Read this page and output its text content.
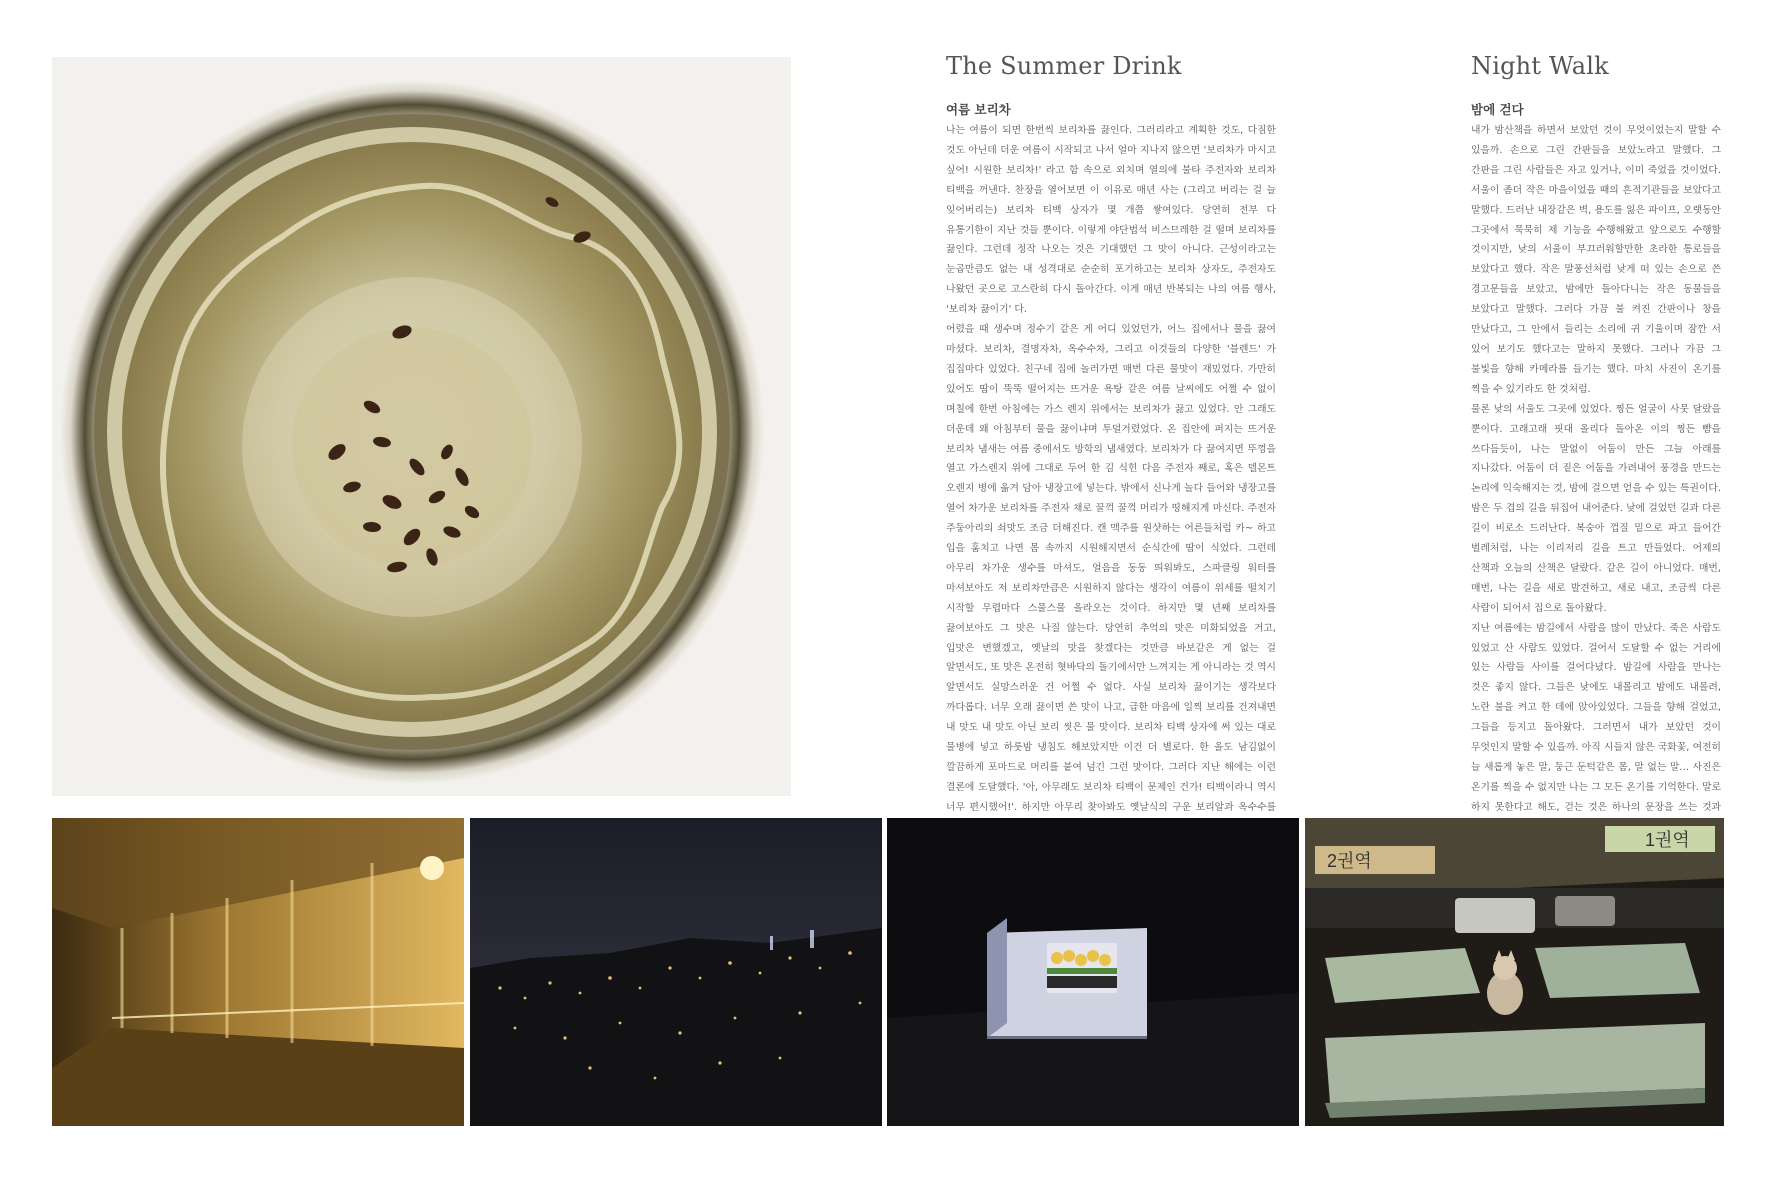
The Summer Drink
여름 보리차

나는 여름이 되면 한번씩 보리차를 끓인다. 그러리라고 계획한 것도, 다짐한 것도 아닌데 더운 여름이 시작되고 나서 얼마 지나지 않으면 '보리차가 마시고 싶어! 시원한 보리차!' 라고 함 속으로 외치며 열의에 불타 주전자와 보리차 티백을 꺼낸다. 찬장을 열어보면 이 이유로 매년 사는 (그리고 버리는 걸 늘 잊어버리는) 보리차 티백 상자가 몇 개쯤 쌓여있다. 당연히 전부 다 유통기한이 지난 것들 뿐이다. 이렇게 야단법석 비스므레한 걸 떨며 보리차를 끓인다. 그런데 정작 나오는 것은 기대했던 그 맛이 아니다. 근성이라고는 눈곱만큼도 없는 내 성격대로 순순히 포기하고는 보리차 상자도, 주전자도 나왔던 곳으로 고스란히 다시 돌아간다. 이게 매년 반복되는 나의 여름 행사, '보리차 끓이기' 다.

어렸을 때 생수며 정수기 같은 게 어디 있었던가, 어느 집에서나 물을 끓여 마셨다. 보리차, 결명자차, 옥수수차, 그리고 이것들의 다양한 '블렌드' 가 집집마다 있었다. 친구네 집에 놀러가면 매번 다른 물맛이 재밌었다. 가만히 있어도 땀이 뚝뚝 떨어지는 뜨거운 욕탕 같은 여름 날씨에도 어쩔 수 없이 며칠에 한번 아침에는 가스 렌지 위에서는 보리차가 끓고 있었다. 안 그래도 더운데 왜 아침부터 물을 끓이냐며 투덜거렸었다. 온 집안에 퍼지는 뜨거운 보리차 냄새는 여름 중에서도 방학의 냄새였다. 보리차가 다 끓여지면 뚜껑을 열고 가스렌지 위에 그대로 두어 한 김 식힌 다음 주전자 째로, 혹은 델몬트 오렌지 병에 옮겨 담아 냉장고에 넣는다. 밖에서 신나게 놀다 들어와 냉장고를 열어 차가운 보리차를 주전자 채로 꿀꺽 꿀꺽 머리가 띵해지게 마신다. 주전자 주둥아리의 쇠맛도 조금 더해진다. 캔 맥주를 원샷하는 어른들처럼 카~ 하고 입을 훔치고 나면 몸 속까지 시원해지면서 순식간에 땀이 식었다. 그런데 아무리 차가운 생수를 마셔도, 얼음을 동동 띄워봐도, 스파클링 워터를 마셔보아도 저 보리차만큼은 시원하지 않다는 생각이 여름이 위세를 떨치기 시작할 무렵마다 스물스물 올라오는 것이다. 하지만 몇 년째 보리차를 끓여보아도 그 맛은 나질 않는다. 당연히 추억의 맛은 미화되었을 거고, 입맛은 변했겠고, 옛날의 맛을 찾겠다는 것만큼 바보같은 게 없는 걸 알면서도, 또 맛은 온전히 혓바닥의 돌기에서만 느껴지는 게 아니라는 것 역시 알면서도 실망스러운 건 어쩔 수 없다. 사실 보리차 끓이기는 생각보다 까다롭다. 너무 오래 끓이면 쓴 맛이 나고, 급한 마음에 일찍 보리를 건져내면 내 맛도 내 맛도 아닌 보리 씻은 물 맛이다. 보리차 티백 상자에 써 있는 대로 물병에 넣고 하룻밤 냉침도 해보았지만 이건 더 별로다. 한 올도 남김없이 깔끔하게 포마드로 머리를 붙여 넘긴 그런 맛이다. 그러다 지난 해에는 이런 결론에 도달했다. '아, 아무래도 보리차 티백이 문제인 건가! 티백이라니 역시 너무 편시했어!'. 하지만 아무리 찾아봐도 옛날식의 구운 보리알과 옥수수를

Night Walk
밤에 걷다

내가 밤산책을 하면서 보았던 것이 무엇이었는지 말할 수 있을까. 손으로 그린 간판들을 보았노라고 말했다. 그 간판을 그린 사람들은 자고 있거나, 이미 죽었을 것이었다. 서울이 좀더 작은 마을이었을 때의 흔적기관들을 보았다고 말했다. 드러난 내장같은 벽, 용도를 잃은 파이프, 오랫동안 그곳에서 묵묵히 제 기능을 수행해왔고 앞으로도 수행할 것이지만, 낮의 서울이 부끄러워할만한 초라한 통로들을 보았다고 했다. 작은 말풍선처럼 낮게 떠 있는 손으로 쓴 경고문들을 보았고, 밤에만 돌아다니는 작은 동물들을 보았다고 말했다. 그러다 가끔 불 켜진 간판이나 창을 만났다고, 그 안에서 들리는 소리에 귀 기울이며 잠깐 서 있어 보기도 했다고는 말하지 못했다. 그러나 가끔 그 불빛을 향해 카메라를 들기는 했다. 마치 사진이 온기를 찍을 수 있기라도 한 것처럼.

물론 낮의 서울도 그곳에 있었다. 찡든 얼굴이 사뭇 달랐을 뿐이다. 고래고래 핏대 올리다 돌아온 이의 찡든 뺨을 쓰다듬듯이, 나는 말없이 어둠이 만든 그늘 아래를 지나갔다. 어둠이 더 짙은 어둠을 가려내어 풍경을 만드는 논리에 익숙해지는 것, 밤에 걸으면 얻을 수 있는 특권이다. 밤은 두 겹의 길을 뒤집어 내어준다. 낮에 걸었던 길과 다른 길이 비로소 드러난다. 복숭아 껍질 밑으로 파고 들어간 벌레처럼, 나는 이리저리 길을 트고 만들었다. 어제의 산책과 오늘의 산책은 달랐다. 같은 길이 아니었다. 매번, 매번, 나는 길을 새로 발견하고, 새로 내고, 조금씩 다른 사람이 되어서 집으로 돌아왔다.

지난 여름에는 밤길에서 사람을 많이 만났다. 죽은 사람도 있었고 산 사람도 있었다. 걸어서 도달할 수 없는 거리에 있는 사람들 사이를 걸어다녔다. 밤길에 사람을 만나는 것은 좋지 않다. 그들은 낮에도 내몰리고 밤에도 내몰려, 노란 불을 켜고 한 데에 앉아있었다. 그들을 향해 걸었고, 그들을 등지고 돌아왔다. 그러면서 내가 보았던 것이 무엇인지 말할 수 있을까. 아직 시들지 않은 국화꽃, 여전히 늘 새롭게 놓은 말, 둥근 둔턱같은 몸, 말 없는 말… 사진은 온기를 찍을 수 없지만 나는 그 모든 온기를 기억한다. 말로 하지 못한다고 해도, 걷는 것은 하나의 문장을 쓰는 것과

2권역
1권역
